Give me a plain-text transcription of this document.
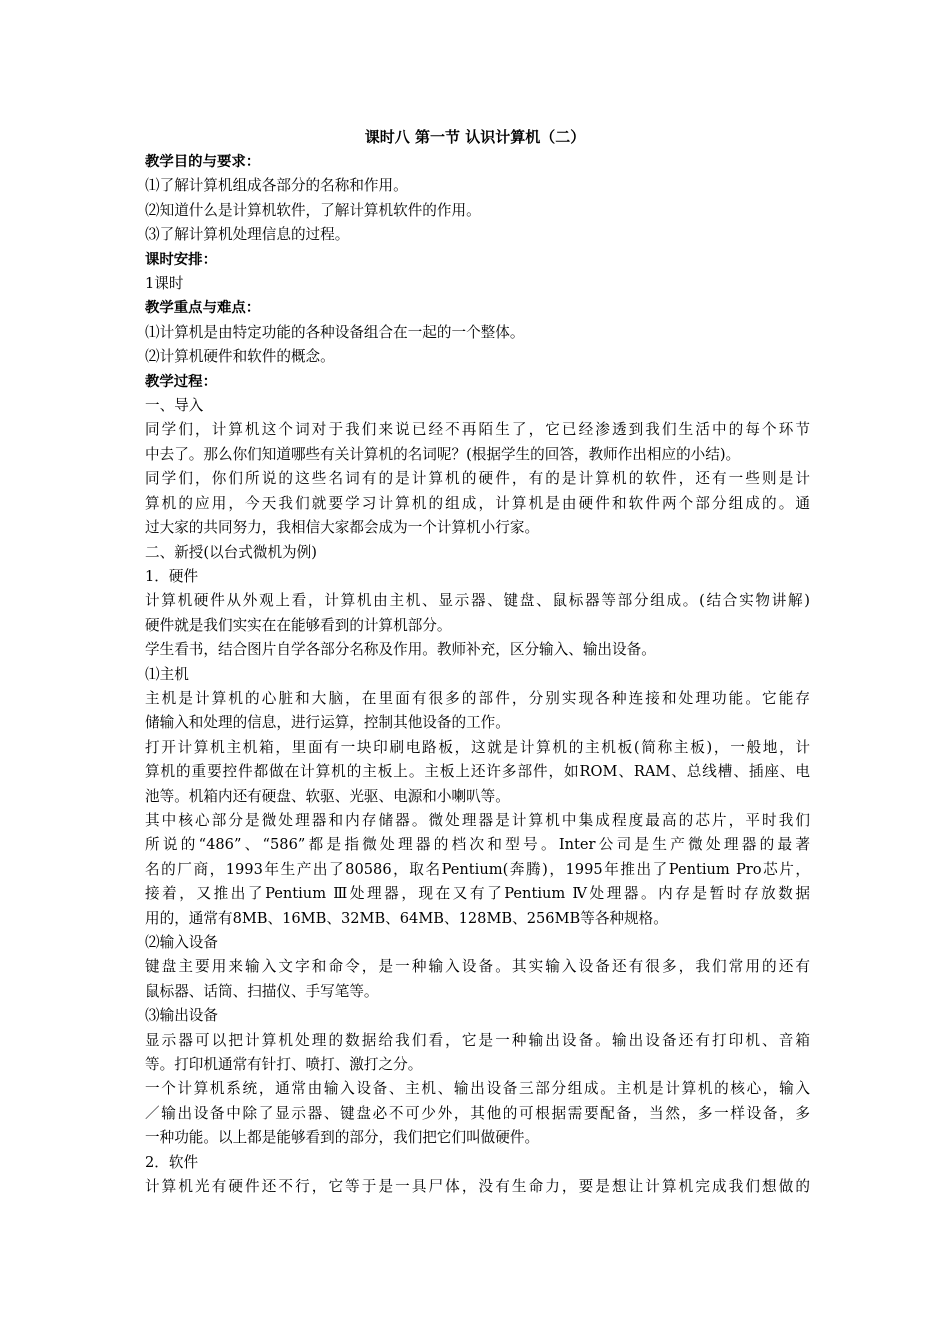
课时八 第一节 认识计算机（二）

教学目的与要求：

⑴了解计算机组成各部分的名称和作用。

⑵知道什么是计算机软件，了解计算机软件的作用。

⑶了解计算机处理信息的过程。

课时安排：

1课时

教学重点与难点：

⑴计算机是由特定功能的各种设备组合在一起的一个整体。

⑵计算机硬件和软件的概念。

教学过程：

一、导入

同学们，计算机这个词对于我们来说已经不再陌生了，它已经渗透到我们生活中的每个环节
中去了。那么你们知道哪些有关计算机的名词呢？(根据学生的回答，教师作出相应的小结)。

同学们，你们所说的这些名词有的是计算机的硬件，有的是计算机的软件，还有一些则是计
算机的应用，今天我们就要学习计算机的组成，计算机是由硬件和软件两个部分组成的。通
过大家的共同努力，我相信大家都会成为一个计算机小行家。

二、新授(以台式微机为例)

1．硬件

计算机硬件从外观上看，计算机由主机、显示器、键盘、鼠标器等部分组成。(结合实物讲解)
硬件就是我们实实在在能够看到的计算机部分。

学生看书，结合图片自学各部分名称及作用。教师补充，区分输入、输出设备。

⑴主机

主机是计算机的心脏和大脑，在里面有很多的部件，分别实现各种连接和处理功能。它能存
储输入和处理的信息，进行运算，控制其他设备的工作。

打开计算机主机箱，里面有一块印刷电路板，这就是计算机的主机板(简称主板)，一般地，计
算机的重要控件都做在计算机的主板上。主板上还许多部件，如ROM、RAM、总线槽、插座、电
池等。机箱内还有硬盘、软驱、光驱、电源和小喇叭等。

其中核心部分是微处理器和内存储器。微处理器是计算机中集成程度最高的芯片，平时我们
所说的“486”、“586”都是指微处理器的档次和型号。Inter公司是生产微处理器的最著
名的厂商，1993年生产出了80586，取名Pentium(奔腾)，1995年推出了Pentium Pro芯片，
接着，又推出了Pentium Ⅲ处理器，现在又有了Pentium Ⅳ处理器。内存是暂时存放数据
用的，通常有8MB、16MB、32MB、64MB、128MB、256MB等各种规格。

⑵输入设备

键盘主要用来输入文字和命令，是一种输入设备。其实输入设备还有很多，我们常用的还有
鼠标器、话筒、扫描仪、手写笔等。

⑶输出设备

显示器可以把计算机处理的数据给我们看，它是一种输出设备。输出设备还有打印机、音箱
等。打印机通常有针打、喷打、激打之分。

一个计算机系统，通常由输入设备、主机、输出设备三部分组成。主机是计算机的核心，输入
／输出设备中除了显示器、键盘必不可少外，其他的可根据需要配备，当然，多一样设备，多
一种功能。以上都是能够看到的部分，我们把它们叫做硬件。

2．软件

计算机光有硬件还不行，它等于是一具尸体，没有生命力，要是想让计算机完成我们想做的
